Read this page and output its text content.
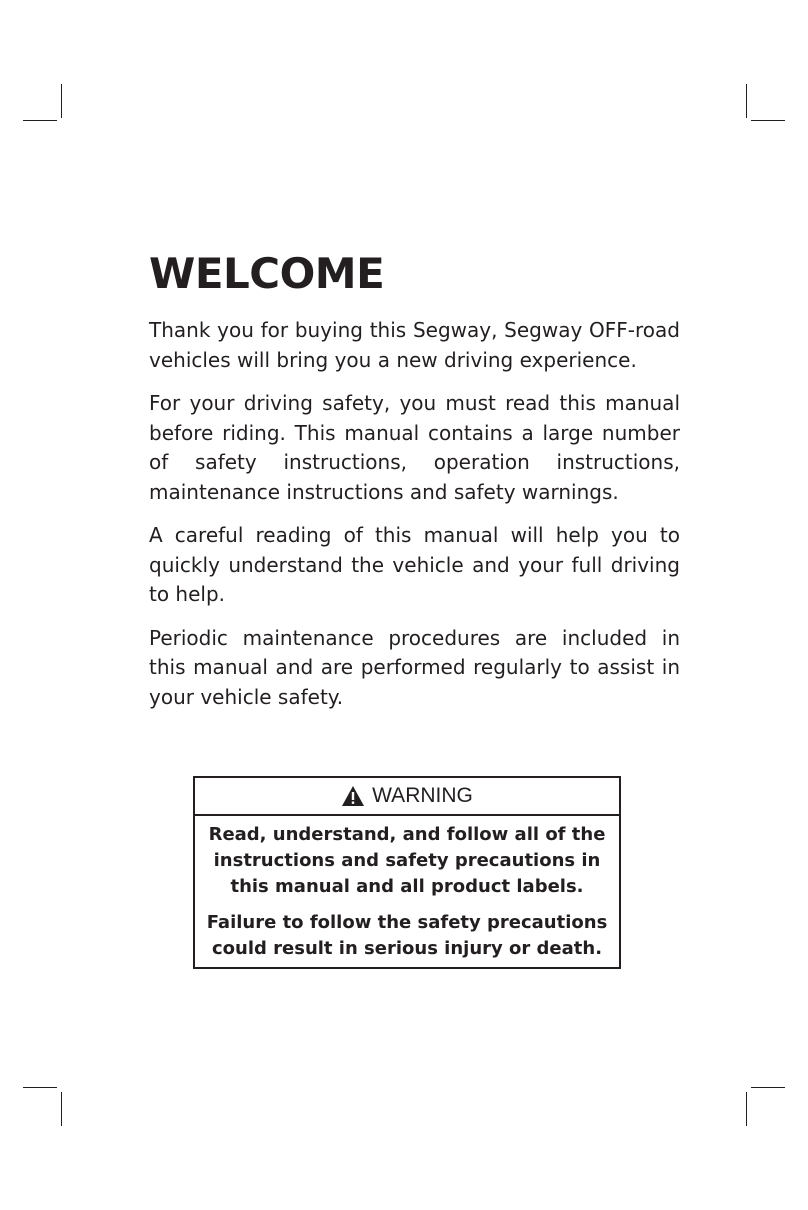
WELCOME

Thank you for buying this Segway, Segway OFF-road vehicles will bring you a new driving experience.

For your driving safety, you must read this manual before riding. This manual contains a large number of safety instructions, operation instructions, maintenance instructions and safety warnings.

A careful reading of this manual will help you to quickly understand the vehicle and your full driving to help.

Periodic maintenance procedures are included in this manual and are performed regularly to assist in your vehicle safety.

WARNING

Read, understand, and follow all of the instructions and safety precautions in this manual and all product labels.

Failure to follow the safety precautions could result in serious injury or death.
